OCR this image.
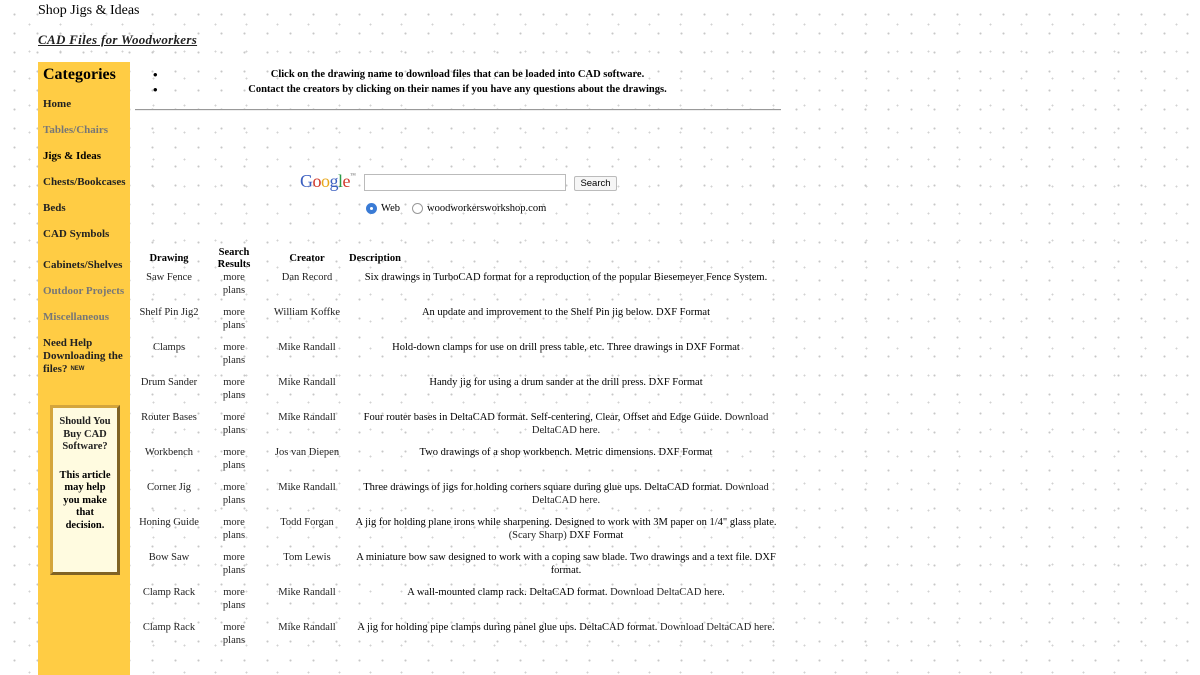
Shop Jigs & Ideas
CAD Files for Woodworkers
Categories
Home
Tables/Chairs
Jigs & Ideas
Chests/Bookcases
Beds
CAD Symbols
Cabinets/Shelves
Outdoor Projects
Miscellaneous
Need Help Downloading the files? NEW
Should You Buy CAD Software?
This article may help you make that decision.
• Click on the drawing name to download files that can be loaded into CAD software.
• Contact the creators by clicking on their names if you have any questions about the drawings.
Google™
Search
Web	woodworkersworkshop.com
Drawing	Search Results	Creator	Description
Saw Fence	more plans	Dan Record	Six drawings in TurboCAD format for a reproduction of the popular Biesemeyer Fence System.
Shelf Pin Jig2	more plans	William Koffke	An update and improvement to the Shelf Pin jig below. DXF Format
Clamps	more plans	Mike Randall	Hold-down clamps for use on drill press table, etc. Three drawings in DXF Format
Drum Sander	more plans	Mike Randall	Handy jig for using a drum sander at the drill press. DXF Format
Router Bases	more plans	Mike Randall	Four router bases in DeltaCAD format. Self-centering, Clear, Offset and Edge Guide. Download DeltaCAD here.
Workbench	more plans	Jos van Diepen	Two drawings of a shop workbench. Metric dimensions. DXF Format
Corner Jig	more plans	Mike Randall	Three drawings of jigs for holding corners square during glue ups. DeltaCAD format. Download DeltaCAD here.
Honing Guide	more plans	Todd Forgan	A jig for holding plane irons while sharpening. Designed to work with 3M paper on 1/4" glass plate. (Scary Sharp) DXF Format
Bow Saw	more plans	Tom Lewis	A miniature bow saw designed to work with a coping saw blade. Two drawings and a text file. DXF format.
Clamp Rack	more plans	Mike Randall	A wall-mounted clamp rack. DeltaCAD format. Download DeltaCAD here.
Clamp Rack	more plans	Mike Randall	A jig for holding pipe clamps during panel glue ups. DeltaCAD format. Download DeltaCAD here.
